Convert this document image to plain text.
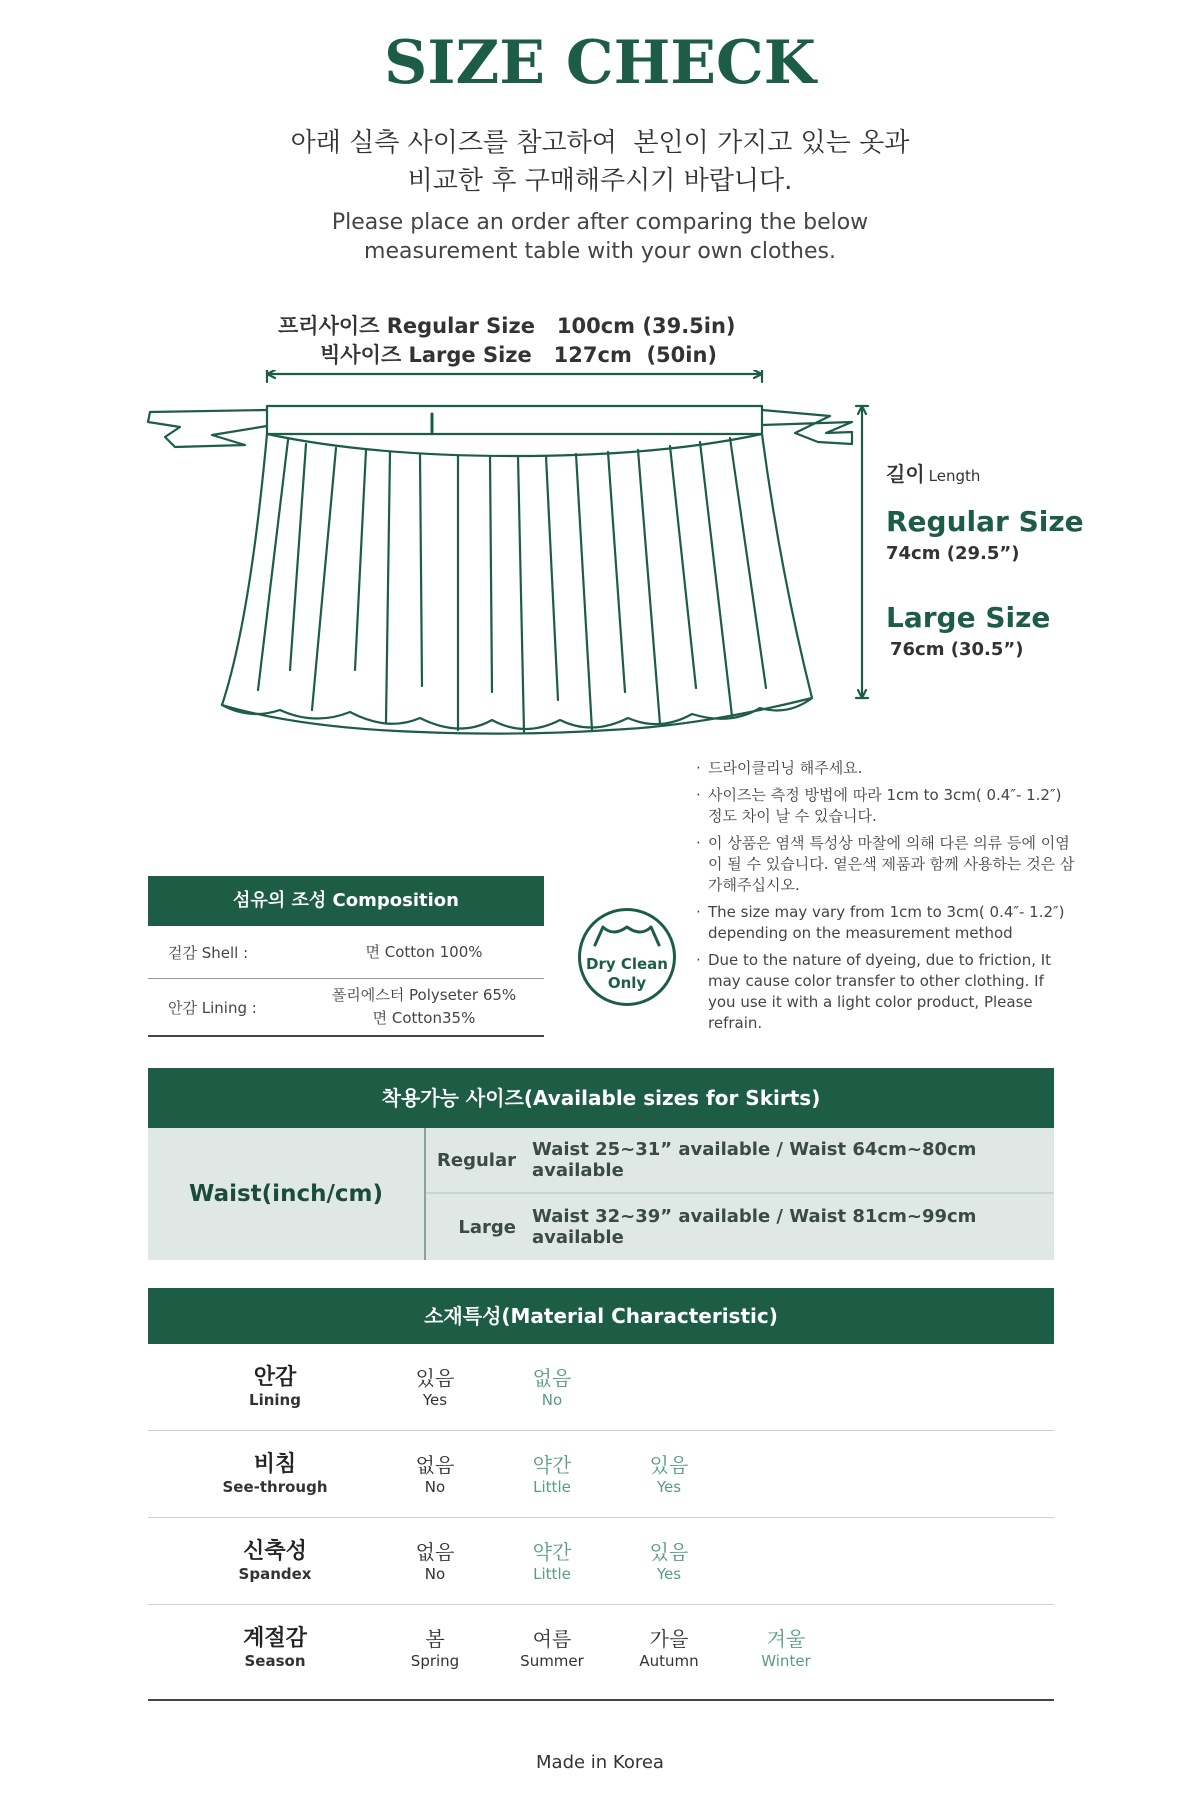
SIZE CHECK
아래 실측 사이즈를 참고하여  본인이 가지고 있는 옷과
비교한 후 구매해주시기 바랍니다.
Please place an order after comparing the below
measurement table with your own clothes.
프리사이즈 Regular Size   100cm (39.5in)
빅사이즈 Large Size   127cm  (50in)
길이 Length
Regular Size
74cm (29.5”)
Large Size
76cm (30.5”)
· 드라이클리닝 해주세요.
· 사이즈는 측정 방법에 따라 1cm to 3cm( 0.4″- 1.2″) 정도 차이 날 수 있습니다.
· 이 상품은 염색 특성상 마찰에 의해 다른 의류 등에 이염이 될 수 있습니다. 옅은색 제품과 함께 사용하는 것은 삼가해주십시오.
· The size may vary from 1cm to 3cm( 0.4″- 1.2″) depending on the measurement method
· Due to the nature of dyeing, due to friction, It may cause color transfer to other clothing. If you use it with a light color product, Please refrain.
섬유의 조성 Composition
겉감 Shell :	면 Cotton 100%
안감 Lining :
폴리에스터 Polyseter 65%
면 Cotton35%
Dry Clean
Only
착용가능 사이즈(Available sizes for Skirts)
Waist(inch/cm)
Regular Waist 25~31” available / Waist 64cm~80cm available
Large Waist 32~39” available / Waist 81cm~99cm available
소재특성(Material Characteristic)
안감
Lining
있음
Yes
없음
No
비침
See-through
없음
No
약간
Little
있음
Yes
신축성
Spandex
없음
No
약간
Little
있음
Yes
계절감
Season
봄
Spring
여름
Summer
가을
Autumn
겨울
Winter
Made in Korea
